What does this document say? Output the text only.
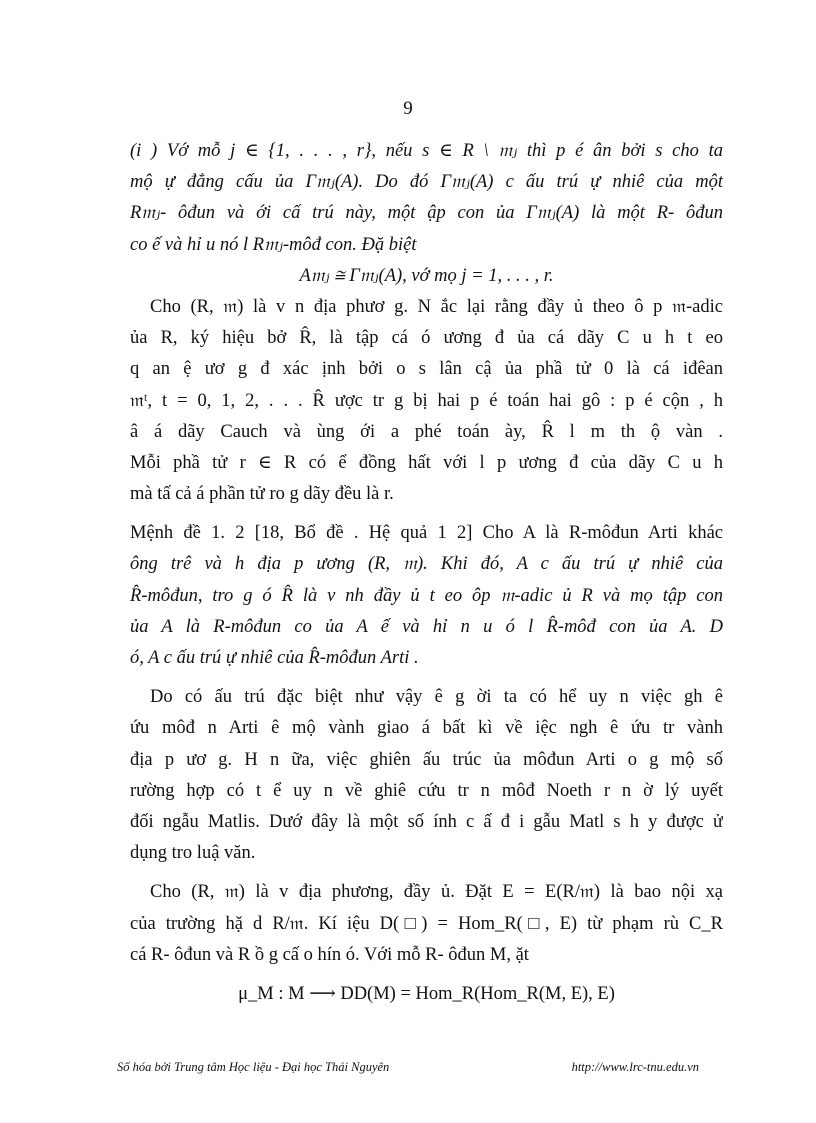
9
(i ) Vớ mỗ j ∈ {1, . . . , r}, nếu s ∈ R \ 𝔪ⱼ thì p é ân bởi s cho ta
mộ ự đẳng cấu ủa Γ𝔪ⱼ(A). Do đó Γ𝔪ⱼ(A) c ấu trú ự nhiê của một
R𝔪ⱼ- ôđun và ới cấ trú này, một ập con ủa Γ𝔪ⱼ(A) là một R- ôđun
co ế và hỉ u nó l R𝔪ⱼ-môđ con. Đặ biệt
A𝔪ⱼ ≅ Γ𝔪ⱼ(A), vớ mọ j = 1, . . . , r.
Cho (R, 𝔪) là v n địa phươ g. N ắc lại rằng đầy ủ theo ô p 𝔪-adic
ủa R, ký hiệu bở R̂, là tập cá ó ương đ ủa cá dãy C u h t eo
q an ệ ươ g đ xác ịnh bởi o s lân cậ ủa phầ tử 0 là cá iđêan
𝔪ᵗ, t = 0, 1, 2, . . . R̂ ược tr g bị hai p é toán hai gô : p é cộn , h
â á dãy Cauch và ùng ới a phé toán ày, R̂ l m th ộ vàn .
Mỗi phầ tử r ∈ R có ể đồng hất với l p ương đ của dãy C u h
mà tấ cả á phần tử ro g dãy đều là r.
Mệnh đề 1. 2 [18, Bổ đề . Hệ quả 1 2] Cho A là R-môđun Arti khác
ông trê và h địa p ương (R, 𝔪). Khi đó, A c ấu trú ự nhiê của
R̂-môđun, tro g ó R̂ là v nh đầy ủ t eo ôp 𝔪-adic ủ R và mọ tập con
ủa A là R-môđun co ủa A ế và hỉ n u ó l R̂-môđ con ủa A. D
ó, A c ấu trú ự nhiê của R̂-môđun Arti .
Do có ấu trú đặc biệt như vậy ê g ời ta có hể uy n việc gh ê
ứu môđ n Arti ê mộ vành giao á bất kì về iệc ngh ê ứu tr vành
địa p ươ g. H n ữa, việc ghiên ấu trúc ủa môđun Arti o g mộ số
rường hợp có t ể uy n về ghiê cứu tr n môđ Noeth r n ờ lý uyết
đối ngẫu Matlis. Dướ đây là một số ính c ấ đ i gẫu Matl s h y được ử
dụng tro luậ văn.
Cho (R, 𝔪) là v địa phương, đầy ủ. Đặt E = E(R/𝔪) là bao nội xạ
của trường hặ d R/𝔪. Kí iệu D(□) = Hom_R(□, E) từ phạm rù C_R
cá R- ôđun và R ồ g cấ o hín ó. Với mỗ R- ôđun M, ặt
μ_M : M ⟶ DD(M) = Hom_R(Hom_R(M, E), E)
Số hóa bởi Trung tâm Học liệu - Đại học Thái Nguyên	http://www.lrc-tnu.edu.vn
